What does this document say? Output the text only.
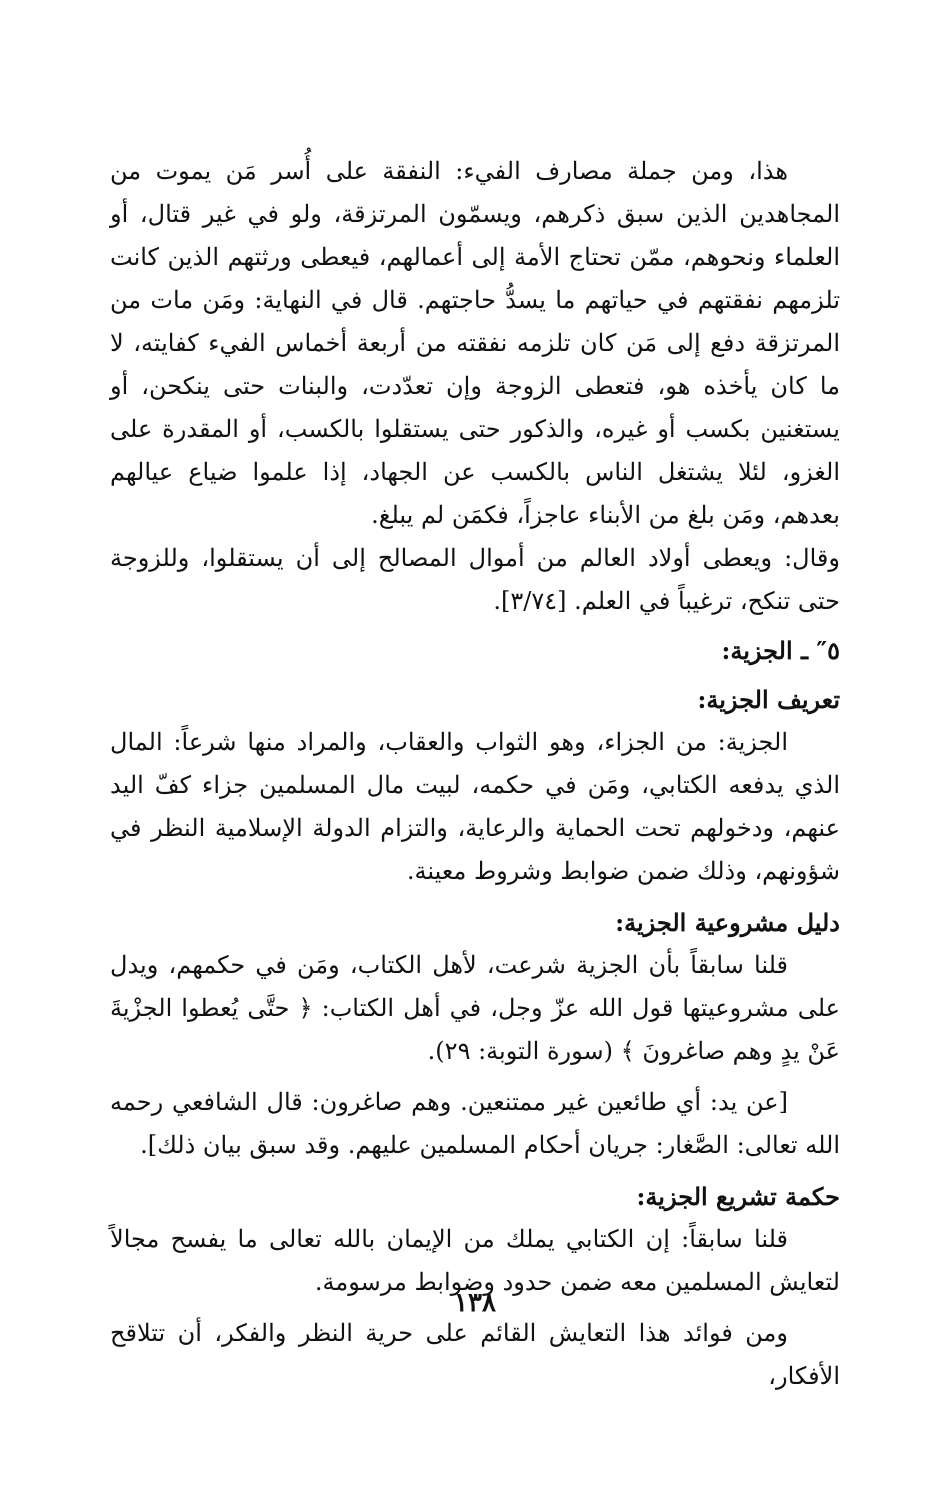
هذا، ومن جملة مصارف الفيء: النفقة على أُسر مَن يموت من المجاهدين الذين سبق ذكرهم، ويسمّون المرتزقة، ولو في غير قتال، أو العلماء ونحوهم، ممّن تحتاج الأمة إلى أعمالهم، فيعطى ورثتهم الذين كانت تلزمهم نفقتهم في حياتهم ما يسدُّ حاجتهم. قال في النهاية: ومَن مات من المرتزقة دفع إلى مَن كان تلزمه نفقته من أربعة أخماس الفيء كفايته، لا ما كان يأخذه هو، فتعطى الزوجة وإن تعدّدت، والبنات حتى ينكحن، أو يستغنين بكسب أو غيره، والذكور حتى يستقلوا بالكسب، أو المقدرة على الغزو، لئلا يشتغل الناس بالكسب عن الجهاد، إذا علموا ضياع عيالهم بعدهم، ومَن بلغ من الأبناء عاجزاً، فكمَن لم يبلغ.

وقال: ويعطى أولاد العالم من أموال المصالح إلى أن يستقلوا، وللزوجة حتى تنكح، ترغيباً في العلم. [٣/٧٤].

٥″ ـ الجزية:
تعريف الجزية:

الجزية: من الجزاء، وهو الثواب والعقاب، والمراد منها شرعاً: المال الذي يدفعه الكتابي، ومَن في حكمه، لبيت مال المسلمين جزاء كفّ اليد عنهم، ودخولهم تحت الحماية والرعاية، والتزام الدولة الإسلامية النظر في شؤونهم، وذلك ضمن ضوابط وشروط معينة.

دليل مشروعية الجزية:

قلنا سابقاً بأن الجزية شرعت، لأهل الكتاب، ومَن في حكمهم، ويدل على مشروعيتها قول الله عزّ وجل، في أهل الكتاب: ﴿ حتَّى يُعطوا الجزْيةَ عَنْ يدٍ وهم صاغرونَ ﴾ (سورة التوبة: ٢٩).

[عن يد: أي طائعين غير ممتنعين. وهم صاغرون: قال الشافعي رحمه الله تعالى: الصَّغار: جريان أحكام المسلمين عليهم. وقد سبق بيان ذلك].

حكمة تشريع الجزية:

قلنا سابقاً: إن الكتابي يملك من الإيمان بالله تعالى ما يفسح مجالاً لتعايش المسلمين معه ضمن حدود وضوابط مرسومة.

ومن فوائد هذا التعايش القائم على حرية النظر والفكر، أن تتلاقح الأفكار،

١٣٨
